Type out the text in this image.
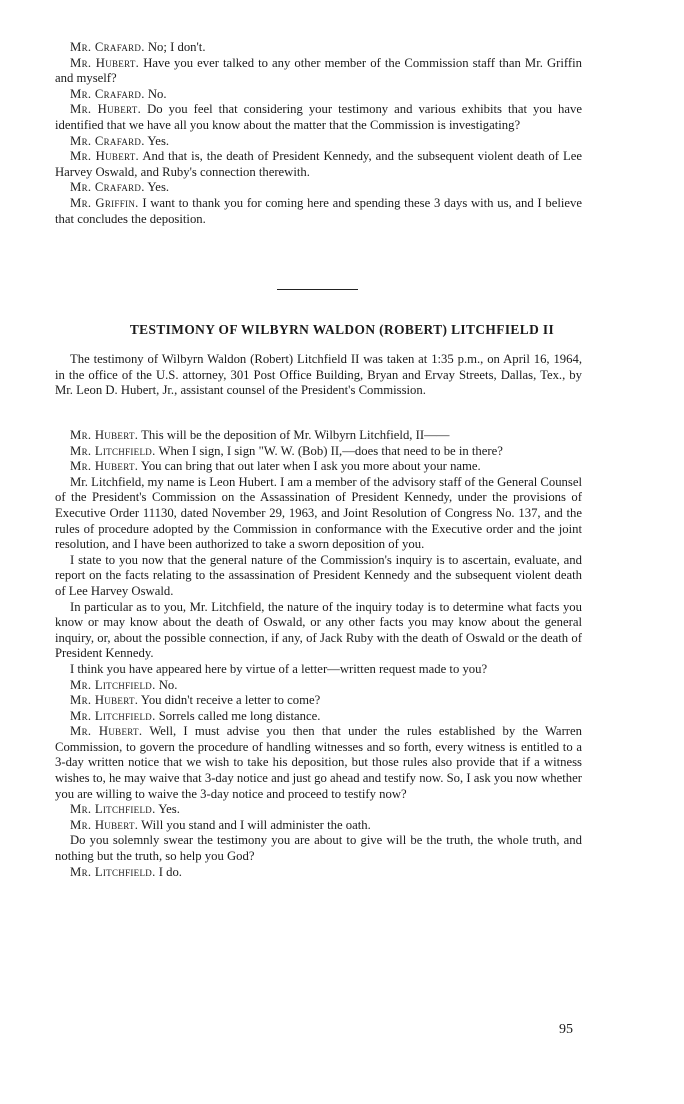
Mr. Crafard. No; I don't.

Mr. Hubert. Have you ever talked to any other member of the Commission staff than Mr. Griffin and myself?

Mr. Crafard. No.

Mr. Hubert. Do you feel that considering your testimony and various exhibits that you have identified that we have all you know about the matter that the Commission is investigating?

Mr. Crafard. Yes.

Mr. Hubert. And that is, the death of President Kennedy, and the subsequent violent death of Lee Harvey Oswald, and Ruby's connection therewith.

Mr. Crafard. Yes.

Mr. Griffin. I want to thank you for coming here and spending these 3 days with us, and I believe that concludes the deposition.

TESTIMONY OF WILBYRN WALDON (ROBERT) LITCHFIELD II

The testimony of Wilbyrn Waldon (Robert) Litchfield II was taken at 1:35 p.m., on April 16, 1964, in the office of the U.S. attorney, 301 Post Office Building, Bryan and Ervay Streets, Dallas, Tex., by Mr. Leon D. Hubert, Jr., assistant counsel of the President's Commission.

Mr. Hubert. This will be the deposition of Mr. Wilbyrn Litchfield, II——

Mr. Litchfield. When I sign, I sign "W. W. (Bob) II,—does that need to be in there?

Mr. Hubert. You can bring that out later when I ask you more about your name.

Mr. Litchfield, my name is Leon Hubert. I am a member of the advisory staff of the General Counsel of the President's Commission on the Assassination of President Kennedy, under the provisions of Executive Order 11130, dated November 29, 1963, and Joint Resolution of Congress No. 137, and the rules of procedure adopted by the Commission in conformance with the Executive order and the joint resolution, and I have been authorized to take a sworn deposition of you.

I state to you now that the general nature of the Commission's inquiry is to ascertain, evaluate, and report on the facts relating to the assassination of President Kennedy and the subsequent violent death of Lee Harvey Oswald.

In particular as to you, Mr. Litchfield, the nature of the inquiry today is to determine what facts you know or may know about the death of Oswald, or any other facts you may know about the general inquiry, or, about the possible connection, if any, of Jack Ruby with the death of Oswald or the death of President Kennedy.

I think you have appeared here by virtue of a letter—written request made to you?

Mr. Litchfield. No.

Mr. Hubert. You didn't receive a letter to come?

Mr. Litchfield. Sorrels called me long distance.

Mr. Hubert. Well, I must advise you then that under the rules established by the Warren Commission, to govern the procedure of handling witnesses and so forth, every witness is entitled to a 3-day written notice that we wish to take his deposition, but those rules also provide that if a witness wishes to, he may waive that 3-day notice and just go ahead and testify now. So, I ask you now whether you are willing to waive the 3-day notice and proceed to testify now?

Mr. Litchfield. Yes.

Mr. Hubert. Will you stand and I will administer the oath.

Do you solemnly swear the testimony you are about to give will be the truth, the whole truth, and nothing but the truth, so help you God?

Mr. Litchfield. I do.

95
